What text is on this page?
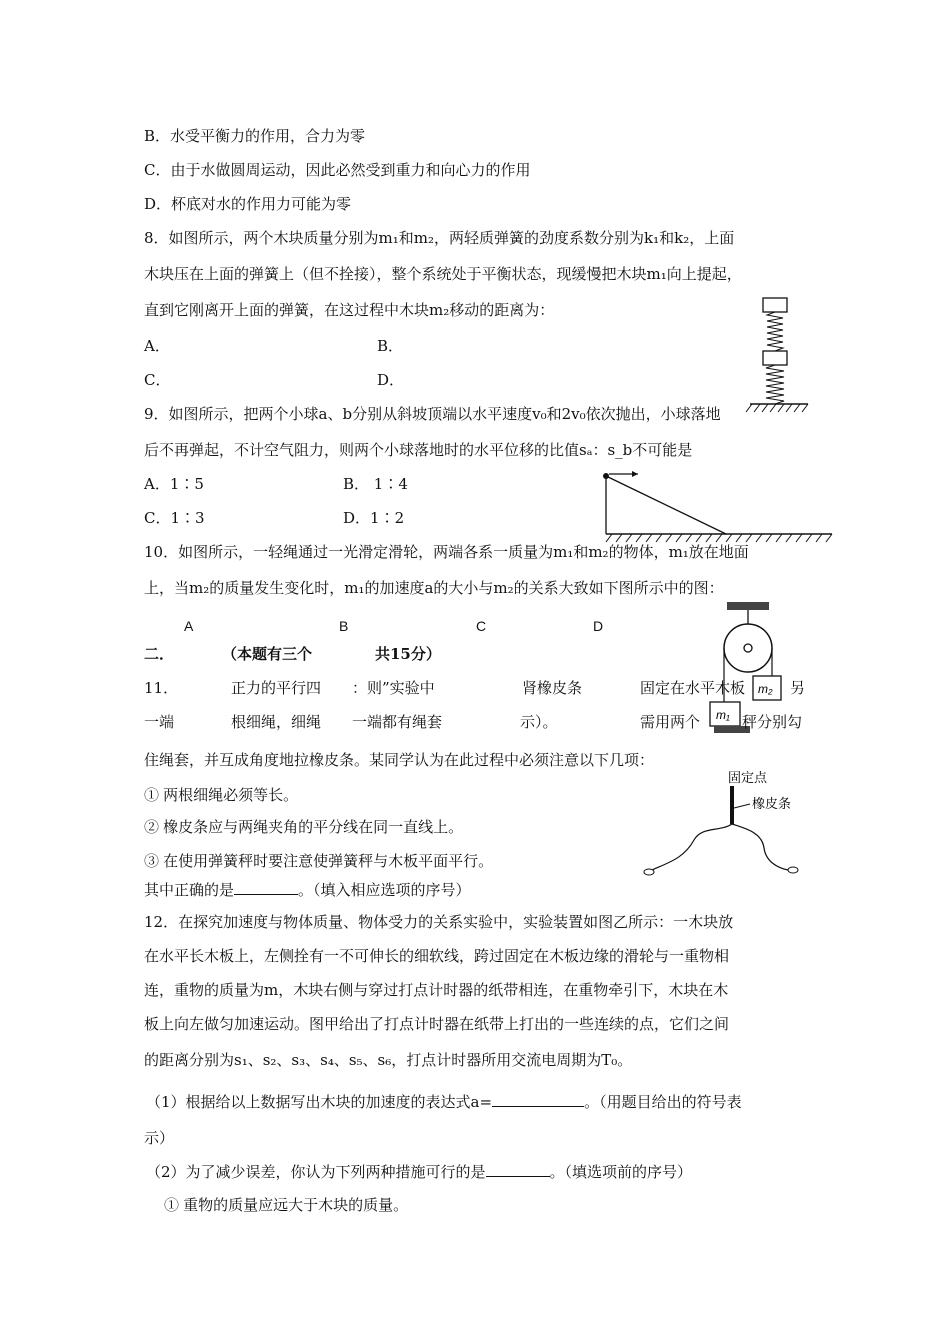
B．水受平衡力的作用，合力为零
C．由于水做圆周运动，因此必然受到重力和向心力的作用
D．杯底对水的作用力可能为零
8．如图所示，两个木块质量分别为m₁和m₂，两轻质弹簧的劲度系数分别为k₁和k₂，上面
木块压在上面的弹簧上（但不拴接），整个系统处于平衡状态，现缓慢把木块m₁向上提起，
直到它刚离开上面的弹簧，在这过程中木块m₂移动的距离为：
A．	B．
C．	D．
9．如图所示，把两个小球a、b分别从斜坡顶端以水平速度v₀和2v₀依次抛出，小球落地
后不再弹起，不计空气阻力，则两个小球落地时的水平位移的比值sₐ：s_b不可能是
A．1∶5	B． 1∶4
C．1∶3	D．1∶2
10．如图所示，一轻绳通过一光滑定滑轮，两端各系一质量为m₁和m₂的物体，m₁放在地面
上，当m₂的质量发生变化时，m₁的加速度a的大小与m₂的关系大致如下图所示中的图：
A	B	C	D
m₂
m₁
二．	（本题有三个	共15分）
11．	正力的平行四 ：则”实验中	肾橡皮条	固定在水平木板	另
一端	根细绳，细绳 一端都有绳套	示）。	需用两个	秤分别勾
住绳套，并互成角度地拉橡皮条。某同学认为在此过程中必须注意以下几项：
① 两根细绳必须等长。
② 橡皮条应与两绳夹角的平分线在同一直线上。
③ 在使用弹簧秤时要注意使弹簧秤与木板平面平行。
其中正确的是	。（填入相应选项的序号）
固定点
橡皮条
12．在探究加速度与物体质量、物体受力的关系实验中，实验装置如图乙所示：一木块放
在水平长木板上，左侧拴有一不可伸长的细软线，跨过固定在木板边缘的滑轮与一重物相
连，重物的质量为m，木块右侧与穿过打点计时器的纸带相连，在重物牵引下，木块在木
板上向左做匀加速运动。图甲给出了打点计时器在纸带上打出的一些连续的点，它们之间
的距离分别为s₁、s₂、s₃、s₄、s₅、s₆，打点计时器所用交流电周期为T₀。
（1）根据给以上数据写出木块的加速度的表达式a=	。（用题目给出的符号表
示）
（2）为了减少误差，你认为下列两种措施可行的是	。（填选项前的序号）
① 重物的质量应远大于木块的质量。
